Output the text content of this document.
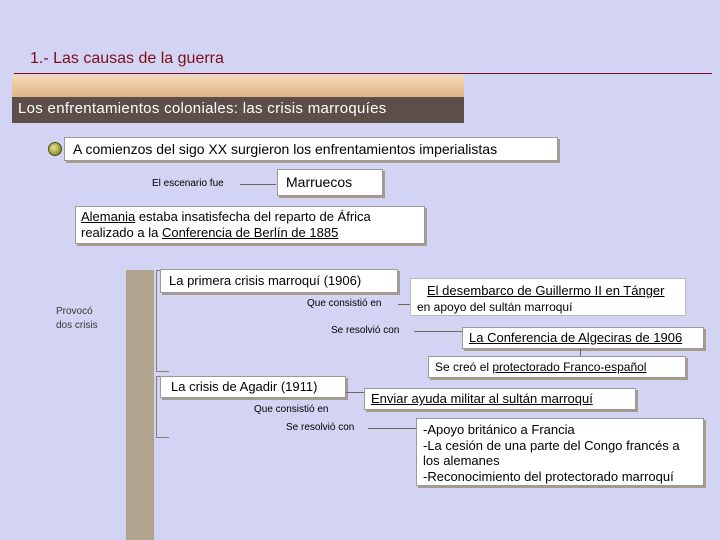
1.- Las causas de la guerra
Los enfrentamientos coloniales: las crisis marroquíes
A comienzos del sigo XX surgieron los enfrentamientos imperialistas
El escenario fue	Marruecos
Alemania estaba insatisfecha del reparto de África
realizado a la Conferencia de Berlín de 1885
Provocó
dos crisis
La primera crisis marroquí (1906)
Que consistió en
El desembarco de Guillermo II en Tánger
en apoyo del sultán marroquí
Se resolvió con	La Conferencia de Algeciras de 1906
Se creó el protectorado Franco-español
La crisis de Agadir (1911)
Enviar ayuda militar al sultán marroquí
Que consistió en
Se resolvió con	-Apoyo británico a Francia
-La cesión de una parte del Congo francés a los alemanes
-Reconocimiento del protectorado marroquí
